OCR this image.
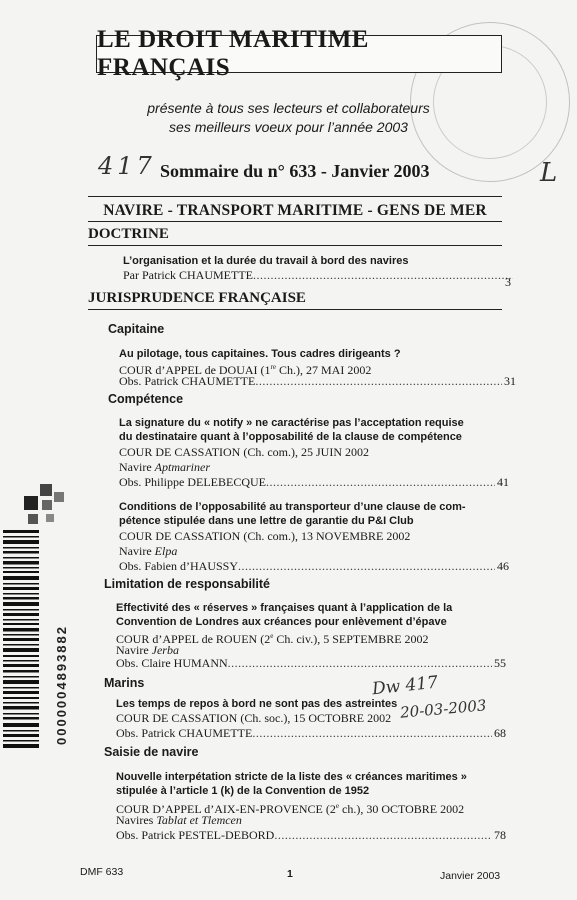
LE DROIT MARITIME FRANÇAIS
présente à tous ses lecteurs et collaborateurs
ses meilleurs voeux pour l’année 2003
417	L
Sommaire du n° 633 - Janvier 2003
NAVIRE - TRANSPORT MARITIME - GENS DE MER
DOCTRINE
L’organisation et la durée du travail à bord des navires
Par Patrick CHAUMETTE .....	3
JURISPRUDENCE FRANÇAISE
Capitaine
Au pilotage, tous capitaines. Tous cadres dirigeants ?
COUR d’APPEL de DOUAI (1re Ch.), 27 MAI 2002
Obs. Patrick CHAUMETTE .....	31
Compétence
La signature du « notify » ne caractérise pas l’acceptation requise
du destinataire quant à l’opposabilité de la clause de compétence
COUR DE CASSATION (Ch. com.), 25 JUIN 2002
Navire Aptmariner
Obs. Philippe DELEBECQUE .....	41
Conditions de l’opposabilité au transporteur d’une clause de com-
pétence stipulée dans une lettre de garantie du P&I Club
COUR DE CASSATION (Ch. com.), 13 NOVEMBRE 2002
Navire Elpa
Obs. Fabien d’HAUSSY .....	46
Limitation de responsabilité
Effectivité des « réserves » françaises quant à l’application de la
Convention de Londres aux créances pour enlèvement d’épave
COUR d’APPEL de ROUEN (2e Ch. civ.), 5 SEPTEMBRE 2002
Navire Jerba
Obs. Claire HUMANN .....	55
Marins
Les temps de repos à bord ne sont pas des astreintes
COUR DE CASSATION (Ch. soc.), 15 OCTOBRE 2002
Obs. Patrick CHAUMETTE .....	68
Dw 417
20-03-2003
Saisie de navire
Nouvelle interpétation stricte de la liste des « créances maritimes »
stipulée à l’article 1 (k) de la Convention de 1952
COUR D’APPEL d’AIX-EN-PROVENCE (2e ch.), 30 OCTOBRE 2002
Navires Tablat et Tlemcen
Obs. Patrick PESTEL-DEBORD .....	78
0000004893882
DMF 633	1	Janvier 2003
